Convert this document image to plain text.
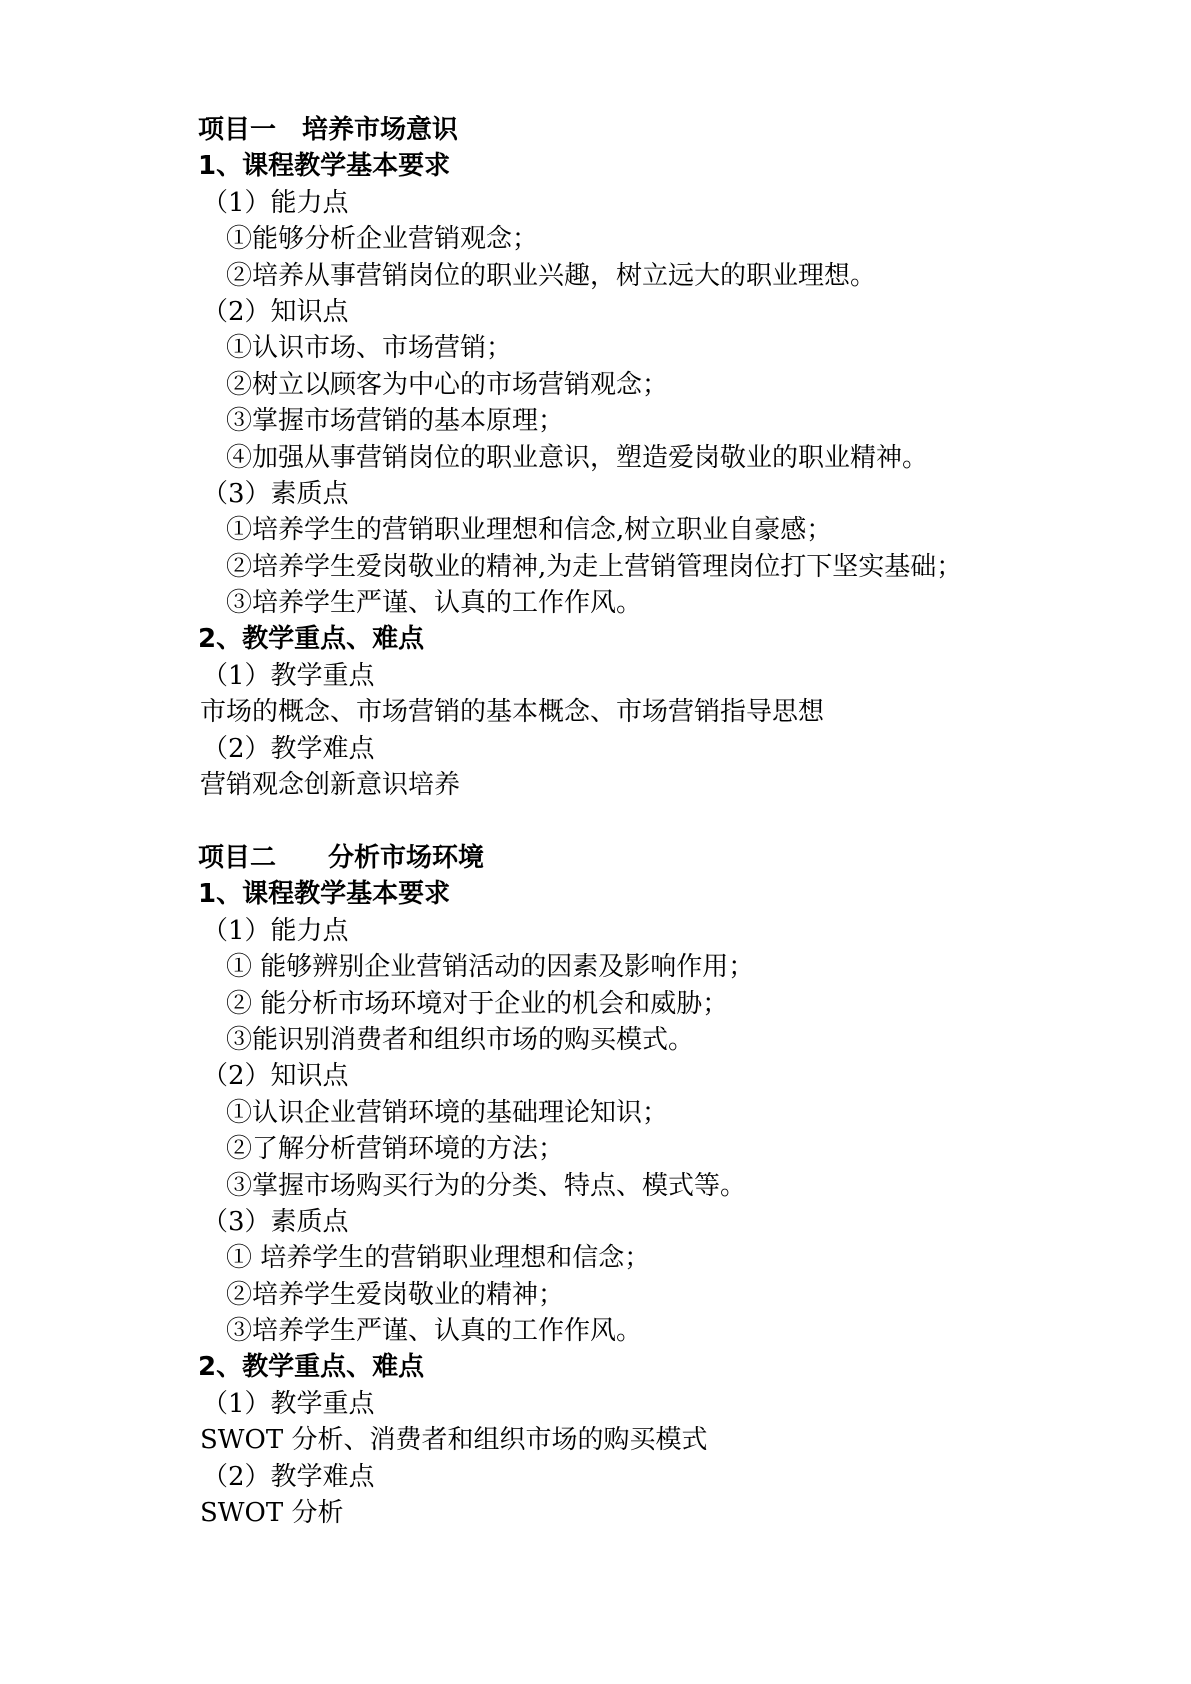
项目一　培养市场意识
1、课程教学基本要求
（1）能力点
①能够分析企业营销观念；
②培养从事营销岗位的职业兴趣，树立远大的职业理想。
（2）知识点
①认识市场、市场营销；
②树立以顾客为中心的市场营销观念；
③掌握市场营销的基本原理；
④加强从事营销岗位的职业意识，塑造爱岗敬业的职业精神。
（3）素质点
①培养学生的营销职业理想和信念,树立职业自豪感；
②培养学生爱岗敬业的精神,为走上营销管理岗位打下坚实基础；
③培养学生严谨、认真的工作作风。
2、教学重点、难点
（1）教学重点
市场的概念、市场营销的基本概念、市场营销指导思想
（2）教学难点
营销观念创新意识培养
项目二　　分析市场环境
1、课程教学基本要求
（1）能力点
① 能够辨别企业营销活动的因素及影响作用；
② 能分析市场环境对于企业的机会和威胁；
③能识别消费者和组织市场的购买模式。
（2）知识点
①认识企业营销环境的基础理论知识；
②了解分析营销环境的方法；
③掌握市场购买行为的分类、特点、模式等。
（3）素质点
① 培养学生的营销职业理想和信念；
②培养学生爱岗敬业的精神；
③培养学生严谨、认真的工作作风。
2、教学重点、难点
（1）教学重点
SWOT 分析、消费者和组织市场的购买模式
（2）教学难点
SWOT 分析
